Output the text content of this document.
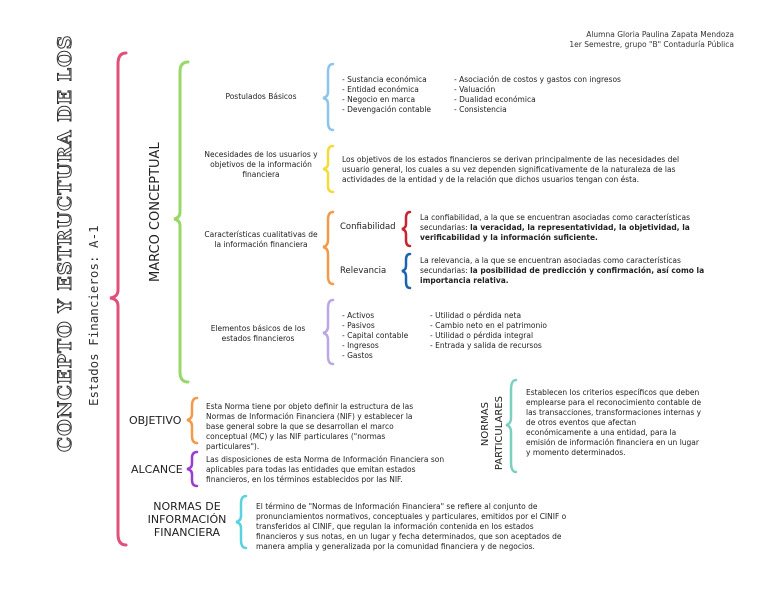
Alumna Gloria Paulina Zapata Mendoza
1er Semestre, grupo "B" Contaduría Pública
CONCEPTO Y ESTRUCTURA DE LOS Estados Financieros: A-1
MARCO CONCEPTUAL
Postulados Básicos
- Sustancia económica
- Entidad económica
- Negocio en marca
- Devengación contable
- Asociación de costos y gastos con ingresos
- Valuación
- Dualidad económica
- Consistencia
Necesidades de los usuarios y objetivos de la información financiera
Los objetivos de los estados financieros se derivan principalmente de las necesidades del usuario general, los cuales a su vez dependen significativamente de la naturaleza de las actividades de la entidad y de la relación que dichos usuarios tengan con ésta.
Características cualitativas de la información financiera
Confiabilidad
La confiabilidad, a la que se encuentran asociadas como características secundarias: la veracidad, la representatividad, la objetividad, la verificabilidad y la información suficiente.
Relevancia
La relevancia, a la que se encuentran asociadas como características secundarias: la posibilidad de predicción y confirmación, así como la importancia relativa.
Elementos básicos de los estados financieros
- Activos
- Pasivos
- Capital contable
- Ingresos
- Gastos
- Utilidad o pérdida neta
- Cambio neto en el patrimonio
- Utilidad o pérdida integral
- Entrada y salida de recursos
OBJETIVO
Esta Norma tiene por objeto definir la estructura de las Normas de Información Financiera (NIF) y establecer la base general sobre la que se desarrollan el marco conceptual (MC) y las NIF particulares ("normas particulares").
ALCANCE
Las disposiciones de esta Norma de Información Financiera son aplicables para todas las entidades que emitan estados financieros, en los términos establecidos por las NIF.
NORMAS PARTICULARES
Establecen los criterios específicos que deben emplearse para el reconocimiento contable de las transacciones, transformaciones internas y de otros eventos que afectan económicamente a una entidad, para la emisión de información financiera en un lugar y momento determinados.
NORMAS DE INFORMACIÓN FINANCIERA
El término de "Normas de Información Financiera" se refiere al conjunto de pronunciamientos normativos, conceptuales y particulares, emitidos por el CINIF o transferidos al CINIF, que regulan la información contenida en los estados financieros y sus notas, en un lugar y fecha determinados, que son aceptados de manera amplia y generalizada por la comunidad financiera y de negocios.
